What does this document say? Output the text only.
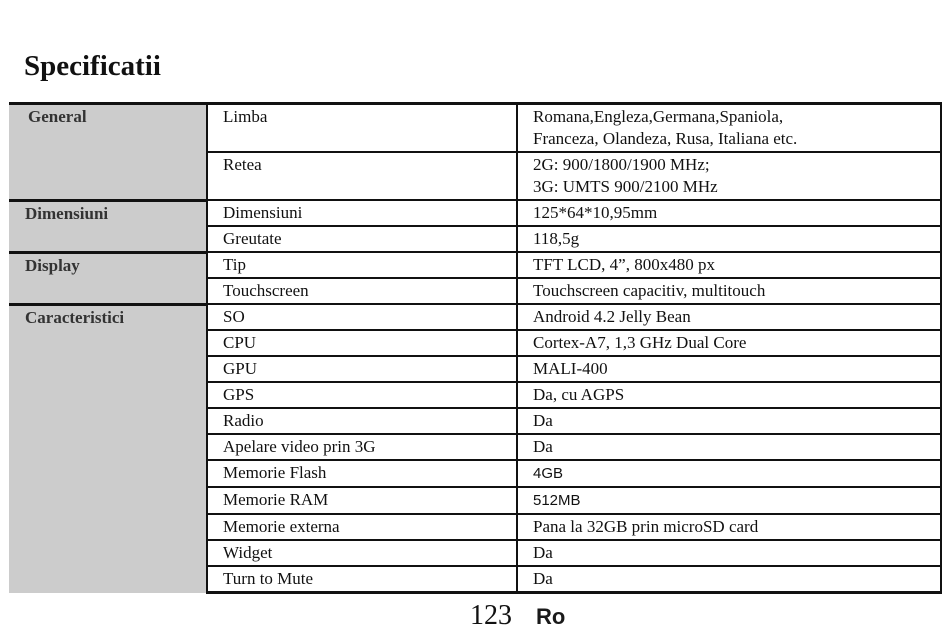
Specificatii
General	Limba	Romana,Engleza,Germana,Spaniola,
Franceza, Olandeza, Rusa, Italiana etc.
	Retea	2G: 900/1800/1900 MHz;
3G: UMTS 900/2100 MHz
Dimensiuni	Dimensiuni	125*64*10,95mm
	Greutate	118,5g
Display	Tip	TFT LCD, 4”, 800x480 px
	Touchscreen	Touchscreen capacitiv, multitouch
Caracteristici	SO	Android 4.2 Jelly Bean
	CPU	Cortex-A7, 1,3 GHz Dual Core
	GPU	MALI-400
	GPS	Da, cu AGPS
	Radio	Da
	Apelare video prin 3G	Da
	Memorie Flash	4GB
	Memorie RAM	512MB
	Memorie externa	Pana la 32GB prin microSD card
	Widget	Da
	Turn to Mute	Da
123 Ro
